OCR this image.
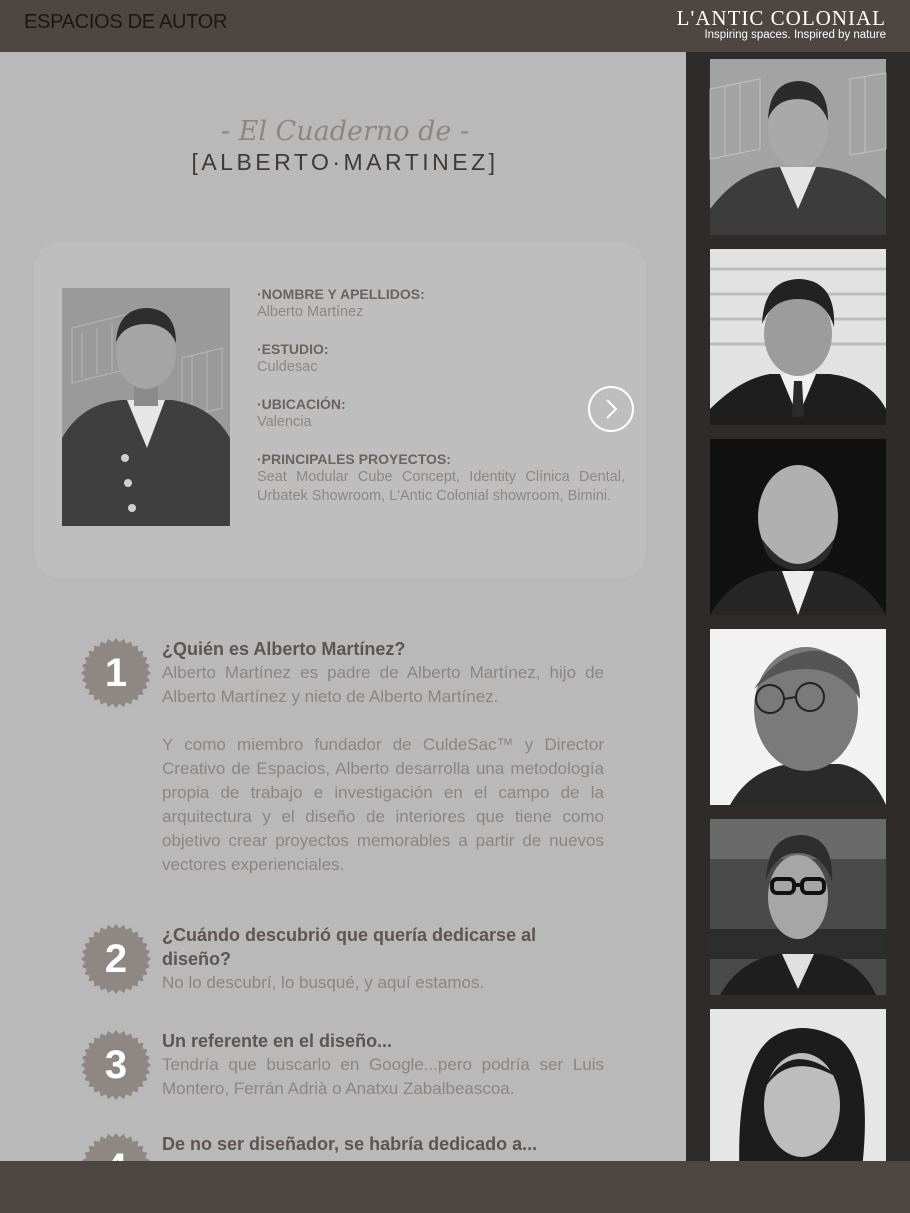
ESPACIOS DE AUTOR	L'ANTIC COLONIAL
Inspiring spaces. Inspired by nature
- El Cuaderno de -
[ALBERTO·MARTINEZ]
·NOMBRE Y APELLIDOS:
Alberto Martínez
·ESTUDIO:
Culdesac
·UBICACIÓN:
Valencia
·PRINCIPALES PROYECTOS:
Seat Modular Cube Concept, Identity Clínica Dental, Urbatek Showroom, L'Antic Colonial showroom, Bimini.
1
¿Quién es Alberto Martínez?

Alberto Martínez es padre de Alberto Martínez, hijo de Alberto Martínez y nieto de Alberto Martínez.

Y como miembro fundador de CuldeSac™ y Director Creativo de Espacios, Alberto desarrolla una metodología propia de trabajo e investigación en el campo de la arquitectura y el diseño de interiores que tiene como objetivo crear proyectos memorables a partir de nuevos vectores experienciales.

2
¿Cuándo descubrió que quería dedicarse al diseño?

No lo descubrí, lo busqué, y aquí estamos.

3
Un referente en el diseño...

Tendría que buscarlo en Google...pero podría ser Luis Montero, Ferrán Adrià o Anatxu Zabalbeascoa.

De no ser diseñador, se habría dedicado a...
